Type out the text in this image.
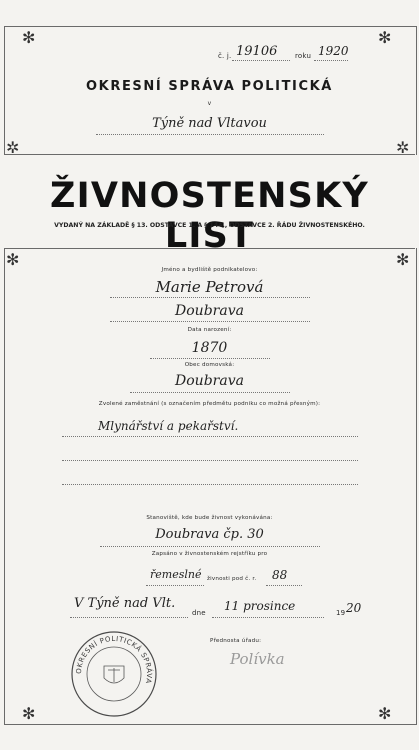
✻	✻
✲	✲
✻	✻
✻	✻
č. j. 19106	roku 1920
OKRESNÍ SPRÁVA POLITICKÁ
v
Týně nad Vltavou
ŽIVNOSTENSKÝ LIST
VYDANÝ NA ZÁKLADĚ § 13. ODSTAVCE 1. A § 144., ODSTAVCE 2. ŘÁDU ŽIVNOSTENSKÉHO.
Jméno a bydliště podnikatelovo:
Marie Petrová
Doubrava
Data narození:
1870
Obec domovská:
Doubrava
Zvolené zaměstnání (s označením předmětu podniku co možná přesným):
Mlynářství a pekařství.
Stanoviště, kde bude živnost vykonávána:
Doubrava čp. 30
Zapsáno v živnostenském rejstříku pro
řemeslné živnosti pod č. r. 88
V Týně nad Vlt.
dne 11 prosince	19 20
Přednosta úřadu:
Polívka
OKRESNÍ POLITICKÁ SPRÁVA
